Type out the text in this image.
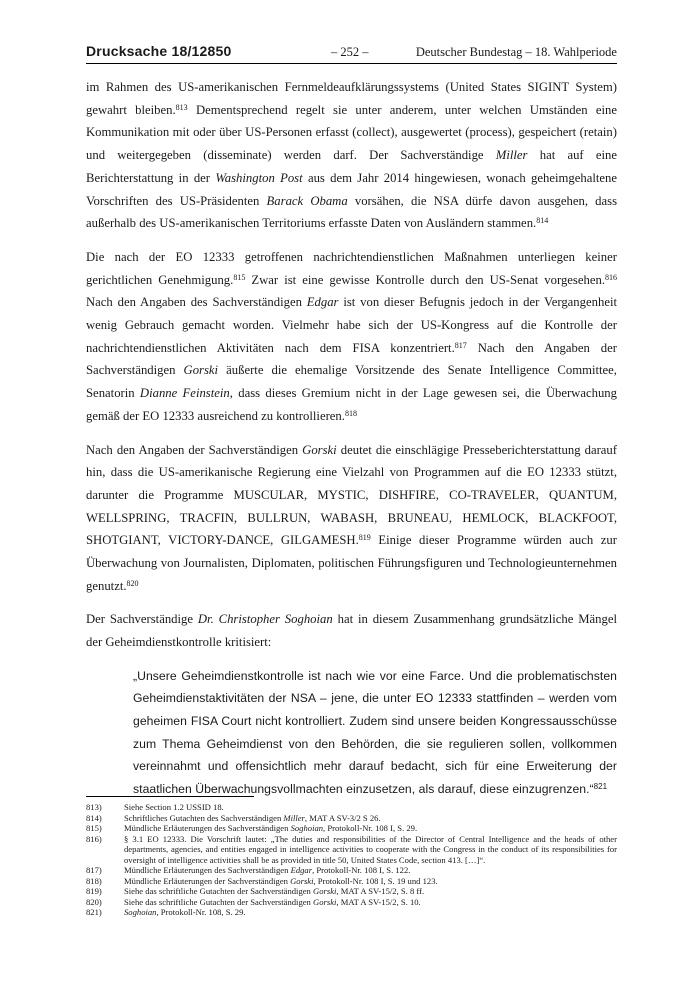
Drucksache 18/12850	– 252 –	Deutscher Bundestag – 18. Wahlperiode

im Rahmen des US-amerikanischen Fernmeldeaufklärungssystems (United States SIGINT System) gewahrt bleiben.$^{813}$ Dementsprechend regelt sie unter anderem, unter welchen Umständen eine Kommunikation mit oder über US-Personen erfasst (collect), ausgewertet (process), gespeichert (retain) und weitergegeben (disseminate) werden darf. Der Sachverständige Miller hat auf eine Berichterstattung in der Washington Post aus dem Jahr 2014 hingewiesen, wonach geheimgehaltene Vorschriften des US-Präsidenten Barack Obama vorsähen, die NSA dürfe davon ausgehen, dass außerhalb des US-amerikanischen Territoriums erfasste Daten von Ausländern stammen.$^{814}$

Die nach der EO 12333 getroffenen nachrichtendienstlichen Maßnahmen unterliegen keiner gerichtlichen Genehmigung.$^{815}$ Zwar ist eine gewisse Kontrolle durch den US-Senat vorgesehen.$^{816}$ Nach den Angaben des Sachverständigen Edgar ist von dieser Befugnis jedoch in der Vergangenheit wenig Gebrauch gemacht worden. Vielmehr habe sich der US-Kongress auf die Kontrolle der nachrichtendienstlichen Aktivitäten nach dem FISA konzentriert.$^{817}$ Nach den Angaben der Sachverständigen Gorski äußerte die ehemalige Vorsitzende des Senate Intelligence Committee, Senatorin Dianne Feinstein, dass dieses Gremium nicht in der Lage gewesen sei, die Überwachung gemäß der EO 12333 ausreichend zu kontrollieren.$^{818}$

Nach den Angaben der Sachverständigen Gorski deutet die einschlägige Presseberichterstattung darauf hin, dass die US-amerikanische Regierung eine Vielzahl von Programmen auf die EO 12333 stützt, darunter die Programme MUSCULAR, MYSTIC, DISHFIRE, CO-TRAVELER, QUANTUM, WELLSPRING, TRACFIN, BULLRUN, WABASH, BRUNEAU, HEMLOCK, BLACKFOOT, SHOTGIANT, VICTORY-DANCE, GILGAMESH.$^{819}$ Einige dieser Programme würden auch zur Überwachung von Journalisten, Diplomaten, politischen Führungsfiguren und Technologieunternehmen genutzt.$^{820}$

Der Sachverständige Dr. Christopher Soghoian hat in diesem Zusammenhang grundsätzliche Mängel der Geheimdienstkontrolle kritisiert:

„Unsere Geheimdienstkontrolle ist nach wie vor eine Farce. Und die problematischsten Geheimdienstaktivitäten der NSA – jene, die unter EO 12333 stattfinden – werden vom geheimen FISA Court nicht kontrolliert. Zudem sind unsere beiden Kongressausschüsse zum Thema Geheimdienst von den Behörden, die sie regulieren sollen, vollkommen vereinnahmt und offensichtlich mehr darauf bedacht, sich für eine Erweiterung der staatlichen Überwachungsvollmachten einzusetzen, als darauf, diese einzugrenzen.“$^{821}$

813)	Siehe Section 1.2 USSID 18.
814)	Schriftliches Gutachten des Sachverständigen Miller, MAT A SV-3/2 S 26.
815)	Mündliche Erläuterungen des Sachverständigen Soghoian, Protokoll-Nr. 108 I, S. 29.
816)	§ 3.1 EO 12333. Die Vorschrift lautet: „The duties and responsibilities of the Director of Central Intelligence and the heads of other departments, agencies, and entities engaged in intelligence activities to cooperate with the Congress in the conduct of its responsibilities for oversight of intelligence activities shall be as provided in title 50, United States Code, section 413. […]“.
817)	Mündliche Erläuterungen des Sachverständigen Edgar, Protokoll-Nr. 108 I, S. 122.
818)	Mündliche Erläuterungen der Sachverständigen Gorski, Protokoll-Nr. 108 I, S. 19 und 123.
819)	Siehe das schriftliche Gutachten der Sachverständigen Gorski, MAT A SV-15/2, S. 8 ff.
820)	Siehe das schriftliche Gutachten der Sachverständigen Gorski, MAT A SV-15/2, S. 10.
821)	Soghoian, Protokoll-Nr. 108, S. 29.
